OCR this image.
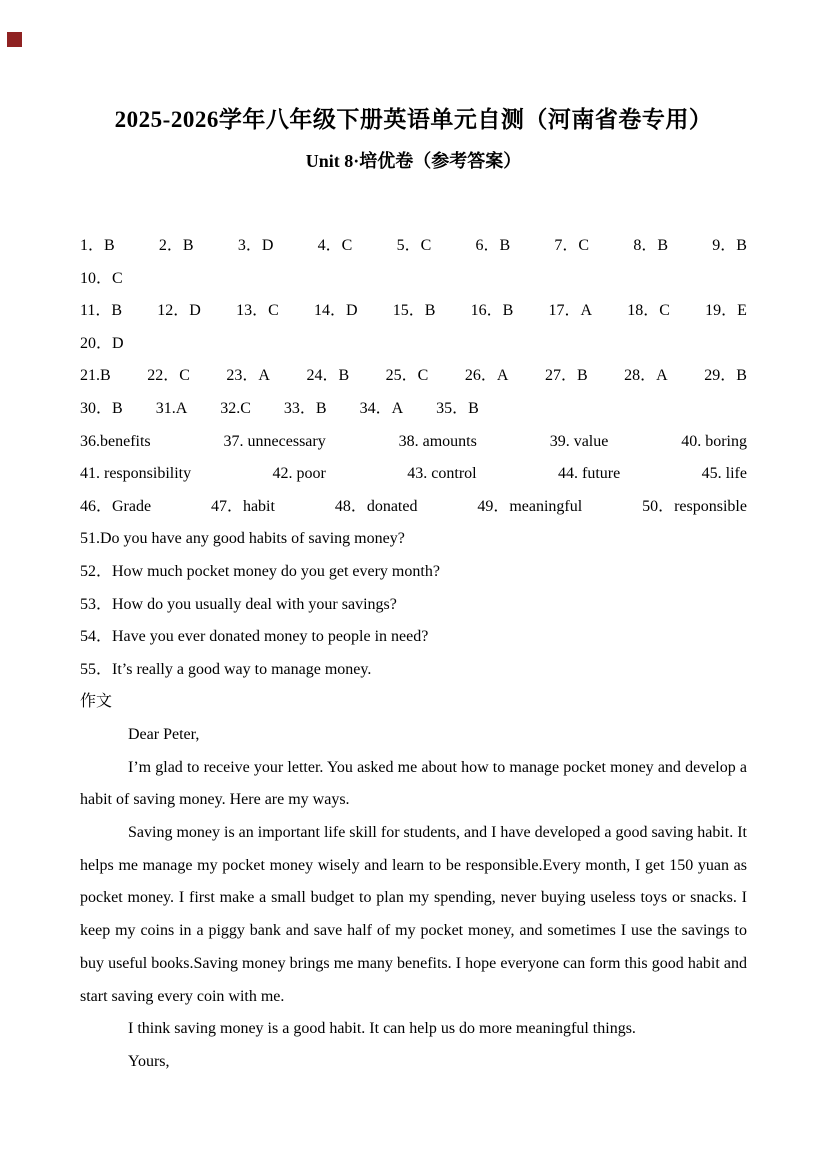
2025-2026学年八年级下册英语单元自测（河南省卷专用）
Unit 8·培优卷（参考答案）
1．B	2．B	3．D	4．C	5．C	6．B	7．C	8．B	9．B
10．C
11．B 12．D 13．C 14．D 15．B 16．B 17．A 18．C 19．E
20．D
21.B 22．C 23．A 24．B 25．C 26．A 27．B 28．A 29．B
30．B 31.A 32.C 33．B 34．A 35．B
36.benefits	37. unnecessary	38. amounts	39. value	40. boring
41. responsibility	42. poor	43. control	44. future	45. life
46．Grade	47．habit	48．donated	49．meaningful	50．responsible
51.Do you have any good habits of saving money?
52．How much pocket money do you get every month?
53．How do you usually deal with your savings?
54．Have you ever donated money to people in need?
55．It’s really a good way to manage money.
作文

Dear Peter,

I’m glad to receive your letter. You asked me about how to manage pocket money and develop a habit of saving money. Here are my ways.

Saving money is an important life skill for students, and I have developed a good saving habit. It helps me manage my pocket money wisely and learn to be responsible.Every month, I get 150 yuan as pocket money. I first make a small budget to plan my spending, never buying useless toys or snacks. I keep my coins in a piggy bank and save half of my pocket money, and sometimes I use the savings to buy useful books.Saving money brings me many benefits. I hope everyone can form this good habit and start saving every coin with me.

I think saving money is a good habit. It can help us do more meaningful things.

Yours,
